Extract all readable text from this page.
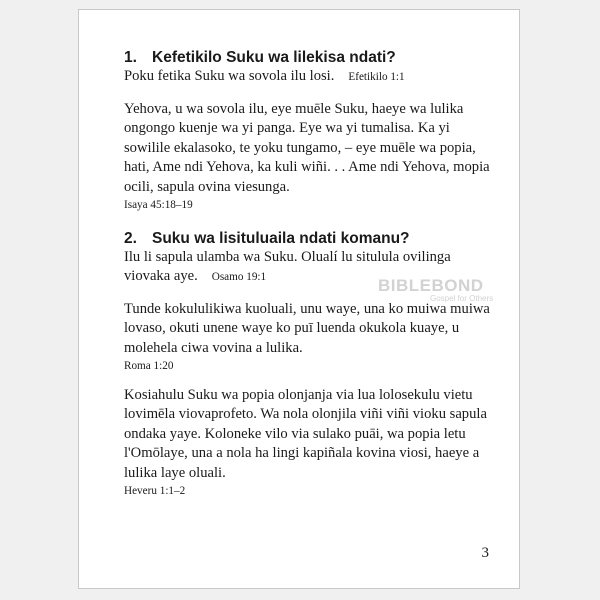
1. Kefetikilo Suku wa lilekisa ndati?

Poku fetika Suku wa sovola ilu losi. Efetikilo 1:1

Yehova, u wa sovola ilu, eye muēle Suku, haeye wa lulika ongongo kuenje wa yi panga. Eye wa yi tumalisa. Ka yi sowilile ekalasoko, te yoku tungamo, – eye muēle wa popia, hati, Ame ndi Yehova, ka kuli wiñi. . . Ame ndi Yehova, mopia ocili, sapula ovina viesunga.

Isaya 45:18–19
2. Suku wa lisituluaila ndati komanu?

Ilu li sapula ulamba wa Suku. Olualí lu situlula ovilinga viovaka aye. Osamo 19:1

Tunde kokululikiwa kuoluali, unu waye, una ko muiwa muiwa lovaso, okuti unene waye ko puī luenda okukola kuaye, u molehela ciwa vovina a lulika.

Roma 1:20

Kosiahulu Suku wa popia olonjanja via lua lolosekulu vietu lovimēla viovaprofeto. Wa nola olonjila viñi viñi vioku sapula ondaka yaye. Koloneke vilo via sulako puāi, wa popia letu l'Omōlaye, una a nola ha lingi kapiñala kovina viosi, haeye a lulika laye oluali.

Heveru 1:1–2
3
BIBLEBOND
Gospel for Others
